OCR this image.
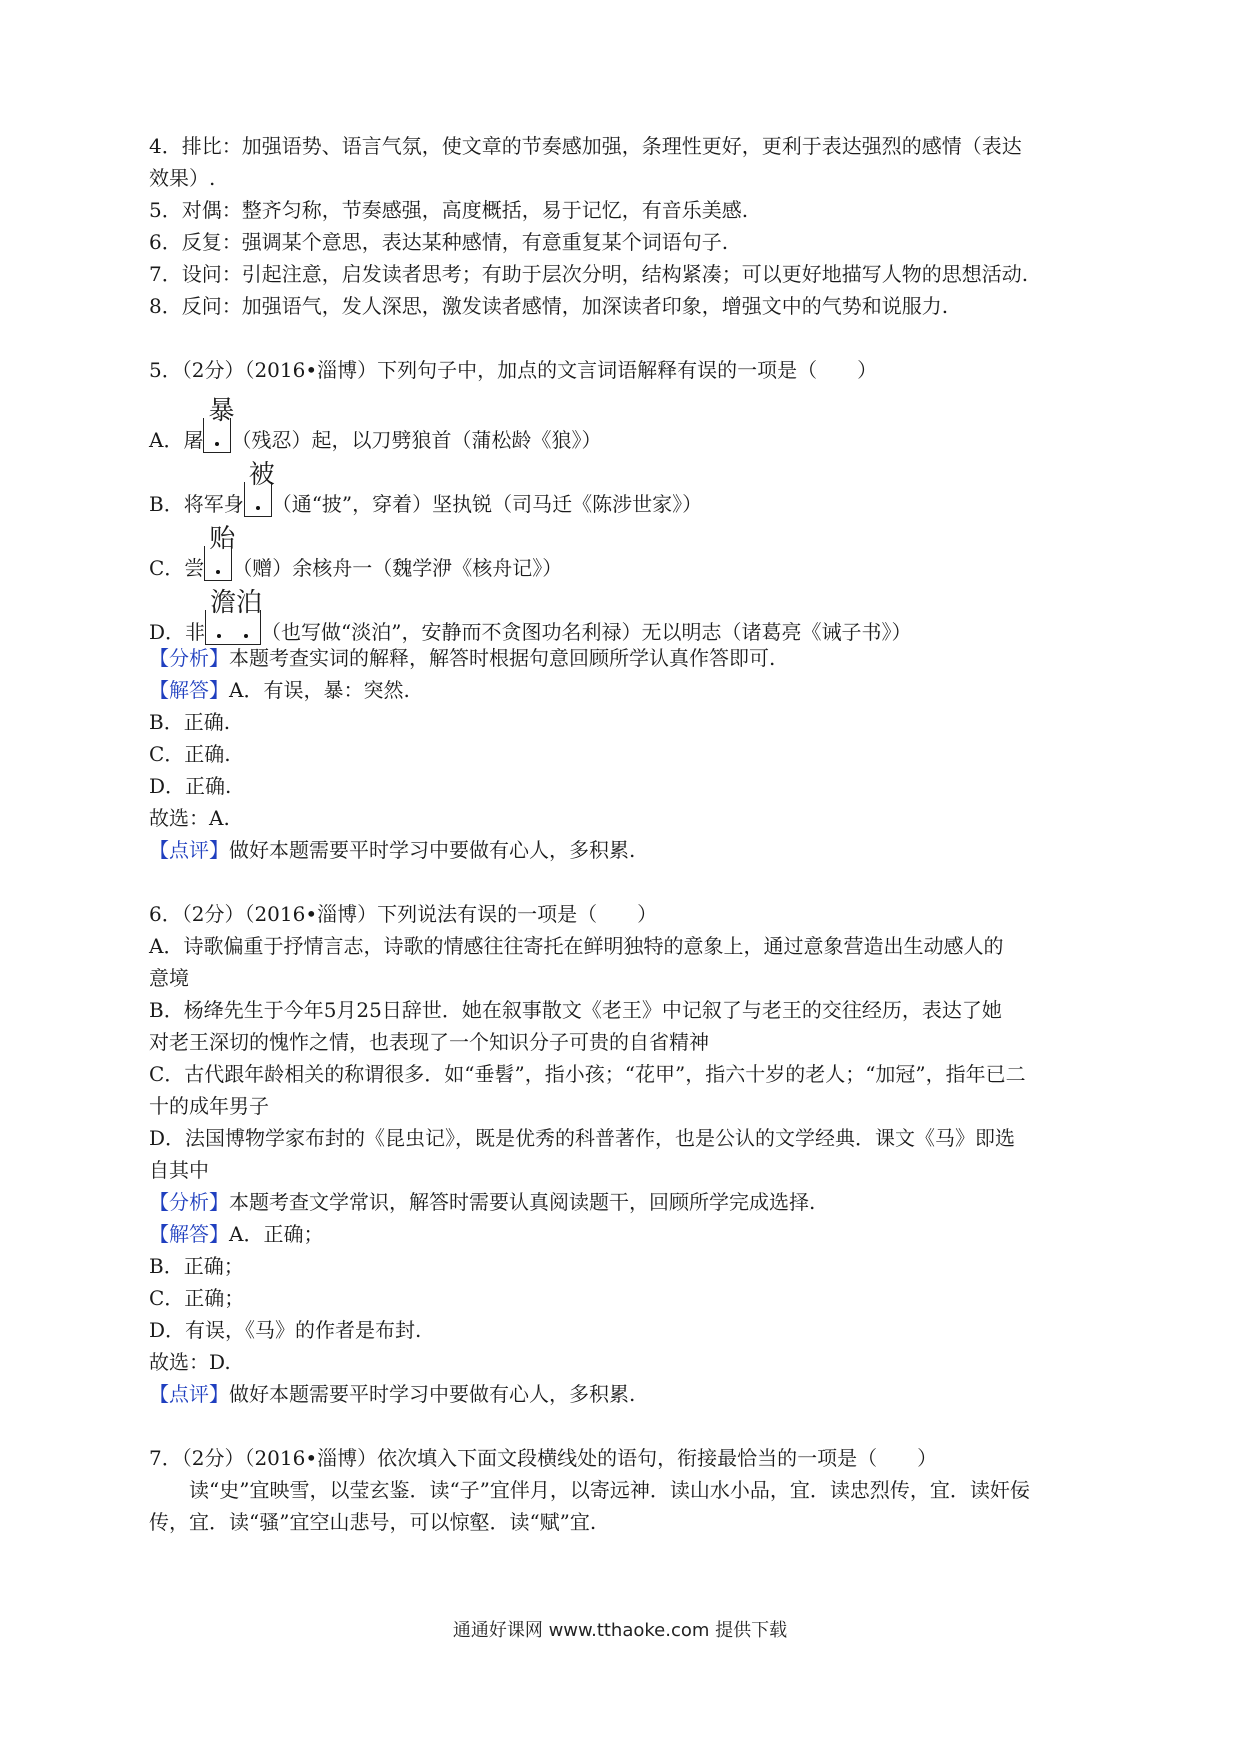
4．排比：加强语势、语言气氛，使文章的节奏感加强，条理性更好，更利于表达强烈的感情（表达
效果）.
5．对偶：整齐匀称，节奏感强，高度概括，易于记忆，有音乐美感.
6．反复：强调某个意思，表达某种感情，有意重复某个词语句子.
7．设问：引起注意，启发读者思考；有助于层次分明，结构紧凑；可以更好地描写人物的思想活动.
8．反问：加强语气，发人深思，激发读者感情，加深读者印象，增强文中的气势和说服力.
5．（2分）（2016•淄博）下列句子中，加点的文言词语解释有误的一项是（　　）
A．屠
暴
（残忍）起，以刀劈狼首（蒲松龄《狼》）
B．将军身
被
（通“披”，穿着）坚执锐（司马迁《陈涉世家》）
C．尝
贻
（赠）余核舟一（魏学洢《核舟记》）
D．非
澹泊
（也写做“淡泊”，安静而不贪图功名利禄）无以明志（诸葛亮《诫子书》）
【分析】本题考查实词的解释，解答时根据句意回顾所学认真作答即可.
【解答】A．有误，暴：突然.
B．正确.
C．正确.
D．正确.
故选：A.
【点评】做好本题需要平时学习中要做有心人，多积累.
6．（2分）（2016•淄博）下列说法有误的一项是（　　）
A．诗歌偏重于抒情言志，诗歌的情感往往寄托在鲜明独特的意象上，通过意象营造出生动感人的
意境
B．杨绛先生于今年5月25日辞世．她在叙事散文《老王》中记叙了与老王的交往经历，表达了她
对老王深切的愧怍之情，也表现了一个知识分子可贵的自省精神
C．古代跟年龄相关的称谓很多．如“垂髫”，指小孩；“花甲”，指六十岁的老人；“加冠”，指年已二
十的成年男子
D．法国博物学家布封的《昆虫记》，既是优秀的科普著作，也是公认的文学经典．课文《马》即选
自其中
【分析】本题考查文学常识，解答时需要认真阅读题干，回顾所学完成选择.
【解答】A．正确；
B．正确；
C．正确；
D．有误，《马》的作者是布封.
故选：D.
【点评】做好本题需要平时学习中要做有心人，多积累.
7．（2分）（2016•淄博）依次填入下面文段横线处的语句，衔接最恰当的一项是（　　）
读“史”宜映雪，以莹玄鉴．读“子”宜伴月，以寄远神．读山水小品，宜．读忠烈传，宜．读奸佞
传，宜．读“骚”宜空山悲号，可以惊壑．读“赋”宜.
通通好课网 www.tthaoke.com 提供下载
